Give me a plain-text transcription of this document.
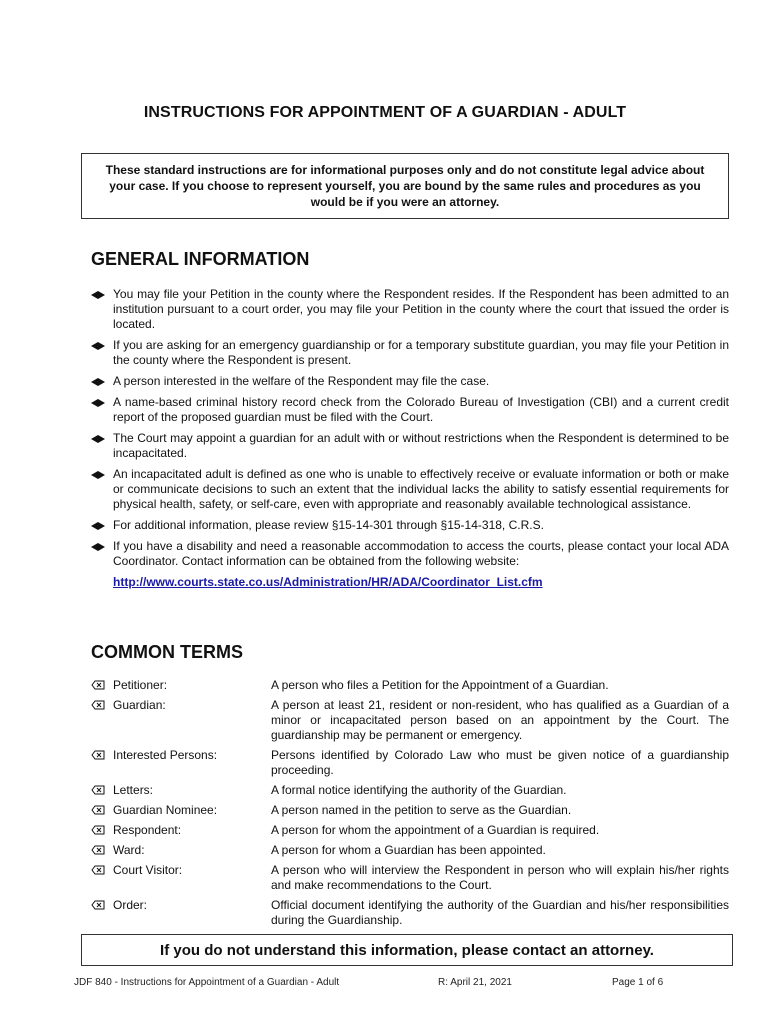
INSTRUCTIONS FOR APPOINTMENT OF A GUARDIAN - ADULT
These standard instructions are for informational purposes only and do not constitute legal advice about your case. If you choose to represent yourself, you are bound by the same rules and procedures as you would be if you were an attorney.
GENERAL INFORMATION
You may file your Petition in the county where the Respondent resides. If the Respondent has been admitted to an institution pursuant to a court order, you may file your Petition in the county where the court that issued the order is located.
If you are asking for an emergency guardianship or for a temporary substitute guardian, you may file your Petition in the county where the Respondent is present.
A person interested in the welfare of the Respondent may file the case.
A name-based criminal history record check from the Colorado Bureau of Investigation (CBI) and a current credit report of the proposed guardian must be filed with the Court.
The Court may appoint a guardian for an adult with or without restrictions when the Respondent is determined to be incapacitated.
An incapacitated adult is defined as one who is unable to effectively receive or evaluate information or both or make or communicate decisions to such an extent that the individual lacks the ability to satisfy essential requirements for physical health, safety, or self-care, even with appropriate and reasonably available technological assistance.
For additional information, please review §15-14-301 through §15-14-318, C.R.S.
If you have a disability and need a reasonable accommodation to access the courts, please contact your local ADA Coordinator. Contact information can be obtained from the following website:
http://www.courts.state.co.us/Administration/HR/ADA/Coordinator_List.cfm
COMMON TERMS
Petitioner:	A person who files a Petition for the Appointment of a Guardian.
Guardian:	A person at least 21, resident or non-resident, who has qualified as a Guardian of a minor or incapacitated person based on an appointment by the Court. The guardianship may be permanent or emergency.
Interested Persons:	Persons identified by Colorado Law who must be given notice of a guardianship proceeding.
Letters:	A formal notice identifying the authority of the Guardian.
Guardian Nominee:	A person named in the petition to serve as the Guardian.
Respondent:	A person for whom the appointment of a Guardian is required.
Ward:	A person for whom a Guardian has been appointed.
Court Visitor:	A person who will interview the Respondent in person who will explain his/her rights and make recommendations to the Court.
Order:	Official document identifying the authority of the Guardian and his/her responsibilities during the Guardianship.
If you do not understand this information, please contact an attorney.
JDF 840 - Instructions for Appointment of a Guardian - Adult	R: April 21, 2021	Page 1 of 6
